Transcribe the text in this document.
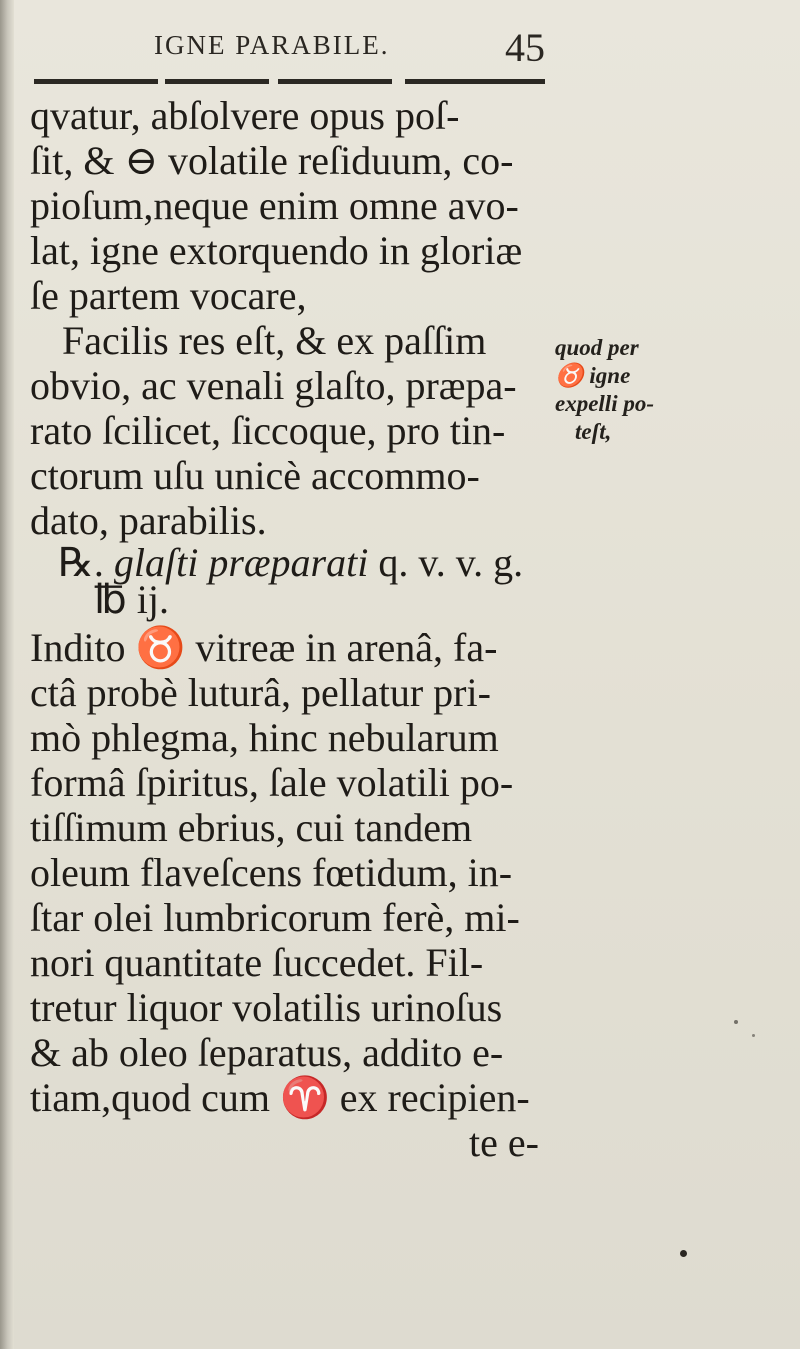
IGNE PARABILE.	45
qvatur, abſolvere opus poſ-
ſit, & ⊖ volatile reſiduum, co-
pioſum,neque enim omne avo-
lat, igne extorquendo in gloriæ
ſe partem vocare,
Facilis res eſt, & ex paſſim
obvio, ac venali glaſto, præpa-
rato ſcilicet, ſiccoque, pro tin-
ctorum uſu unicè accommo-
dato, parabilis.
℞. glaſti præparati q. v. v. g.
℔ ij.
Indito ♉ vitreæ in arenâ, fa-
ctâ probè luturâ, pellatur pri-
mò phlegma, hinc nebularum
formâ ſpiritus, ſale volatili po-
tiſſimum ebrius, cui tandem
oleum flaveſcens fœtidum, in-
ſtar olei lumbricorum ferè, mi-
nori quantitate ſuccedet. Fil-
tretur liquor volatilis urinoſus
& ab oleo ſeparatus, addito e-
tiam,quod cum ♈ ex recipien-
te e-
quod per
♉ igne
expelli po-
teſt,
